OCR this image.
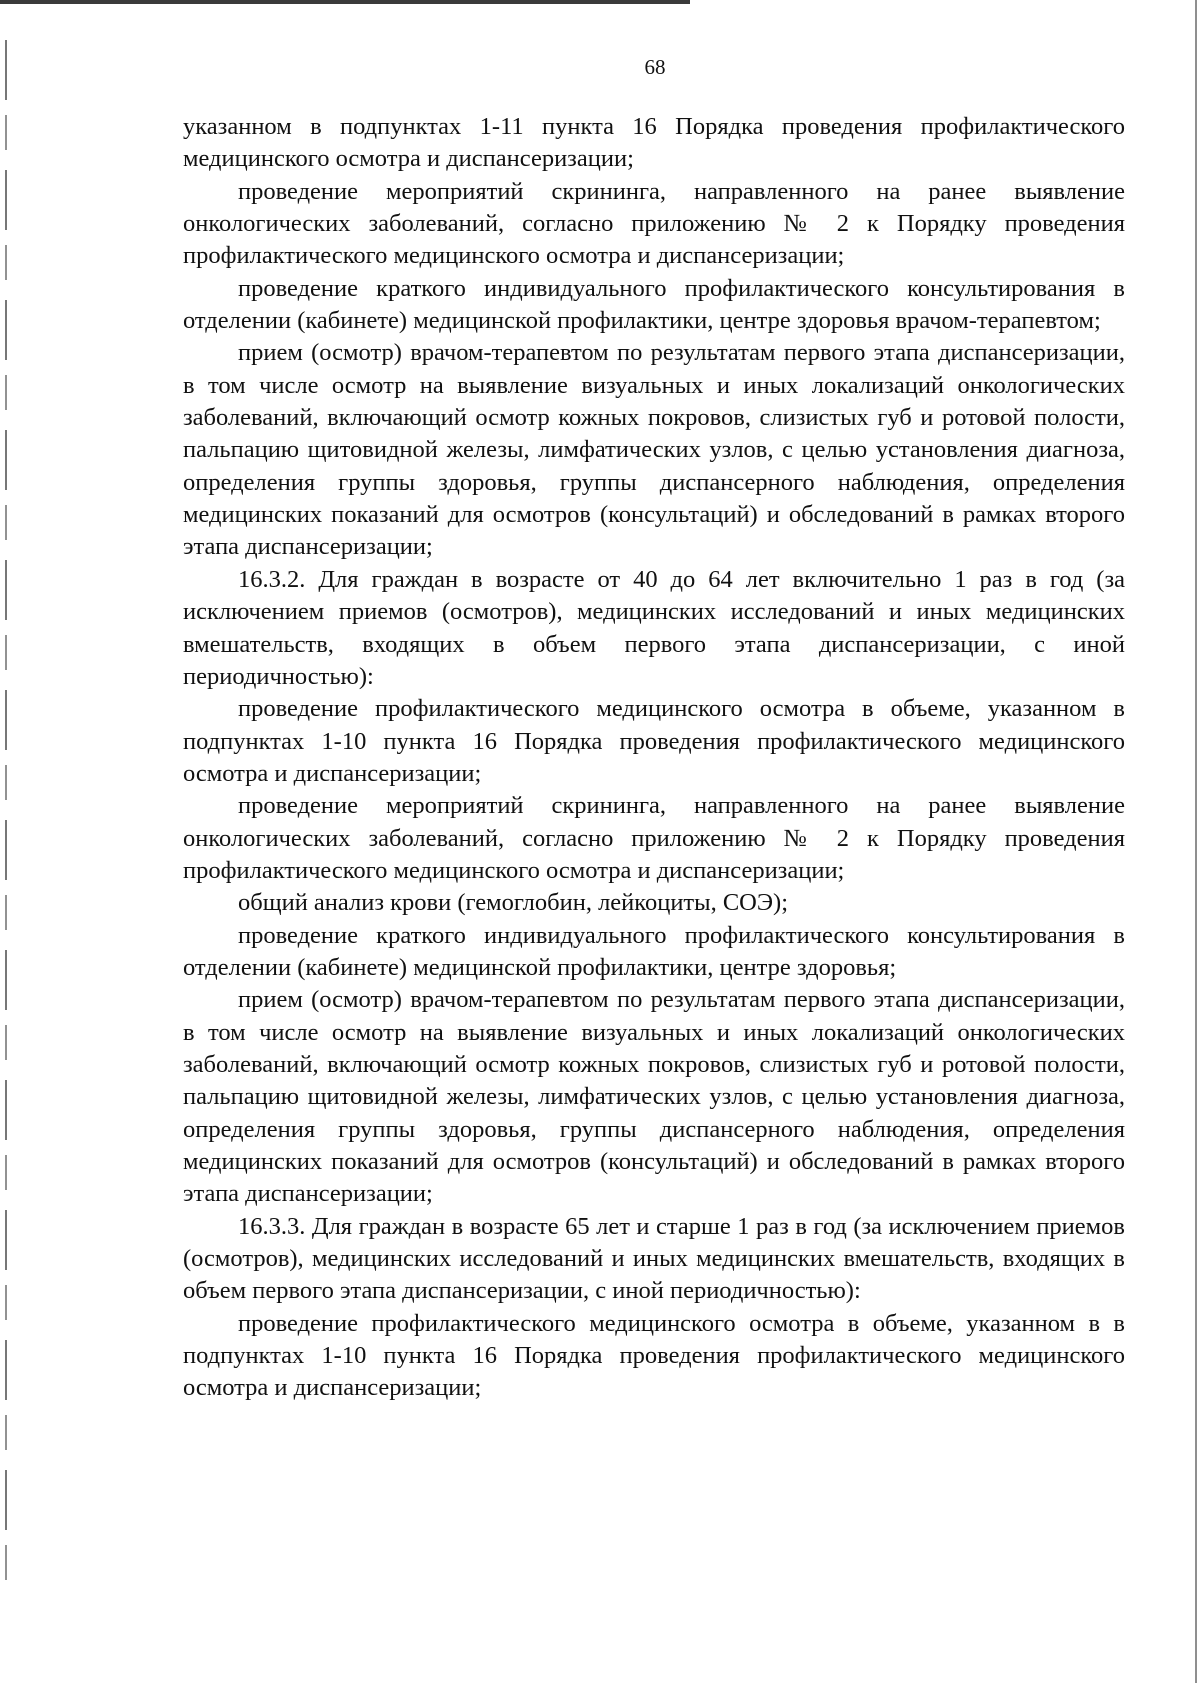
68

указанном в подпунктах 1-11 пункта 16 Порядка проведения профилактического медицинского осмотра и диспансеризации;

проведение мероприятий скрининга, направленного на ранее выявление онкологических заболеваний, согласно приложению № 2 к Порядку проведения профилактического медицинского осмотра и диспансеризации;

проведение краткого индивидуального профилактического консультирования в отделении (кабинете) медицинской профилактики, центре здоровья врачом-терапевтом;

прием (осмотр) врачом-терапевтом по результатам первого этапа диспансеризации, в том числе осмотр на выявление визуальных и иных локализаций онкологических заболеваний, включающий осмотр кожных покровов, слизистых губ и ротовой полости, пальпацию щитовидной железы, лимфатических узлов, с целью установления диагноза, определения группы здоровья, группы диспансерного наблюдения, определения медицинских показаний для осмотров (консультаций) и обследований в рамках второго этапа диспансеризации;

16.3.2. Для граждан в возрасте от 40 до 64 лет включительно 1 раз в год (за исключением приемов (осмотров), медицинских исследований и иных медицинских вмешательств, входящих в объем первого этапа диспансеризации, с иной периодичностью):

проведение профилактического медицинского осмотра в объеме, указанном в подпунктах 1-10 пункта 16 Порядка проведения профилактического медицинского осмотра и диспансеризации;

проведение мероприятий скрининга, направленного на ранее выявление онкологических заболеваний, согласно приложению № 2 к Порядку проведения профилактического медицинского осмотра и диспансеризации;

общий анализ крови (гемоглобин, лейкоциты, СОЭ);

проведение краткого индивидуального профилактического консультирования в отделении (кабинете) медицинской профилактики, центре здоровья;

прием (осмотр) врачом-терапевтом по результатам первого этапа диспансеризации, в том числе осмотр на выявление визуальных и иных локализаций онкологических заболеваний, включающий осмотр кожных покровов, слизистых губ и ротовой полости, пальпацию щитовидной железы, лимфатических узлов, с целью установления диагноза, определения группы здоровья, группы диспансерного наблюдения, определения медицинских показаний для осмотров (консультаций) и обследований в рамках второго этапа диспансеризации;

16.3.3. Для граждан в возрасте 65 лет и старше 1 раз в год (за исключением приемов (осмотров), медицинских исследований и иных медицинских вмешательств, входящих в объем первого этапа диспансеризации, с иной периодичностью):

проведение профилактического медицинского осмотра в объеме, указанном в в подпунктах 1-10 пункта 16 Порядка проведения профилактического медицинского осмотра и диспансеризации;
